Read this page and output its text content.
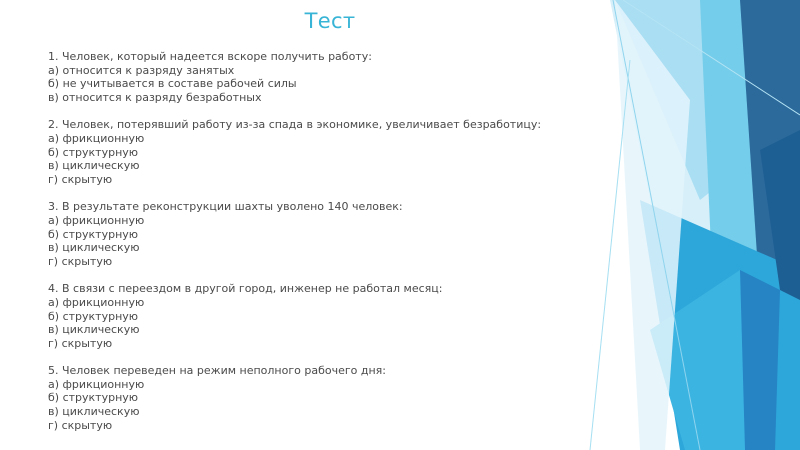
Тест
1. Человек, который надеется вскоре получить работу:
а) относится к разряду занятых
б) не учитывается в составе рабочей силы
в) относится к разряду безработных
2. Человек, потерявший работу из-за спада в экономике, увеличивает безработицу:
а) фрикционную
б) структурную
в) циклическую
г) скрытую
3. В результате реконструкции шахты уволено 140 человек:
а) фрикционную
б) структурную
в) циклическую
г) скрытую
4. В связи с переездом в другой город, инженер не работал месяц:
а) фрикционную
б) структурную
в) циклическую
г) скрытую
5. Человек переведен на режим неполного рабочего дня:
а) фрикционную
б) структурную
в) циклическую
г) скрытую
